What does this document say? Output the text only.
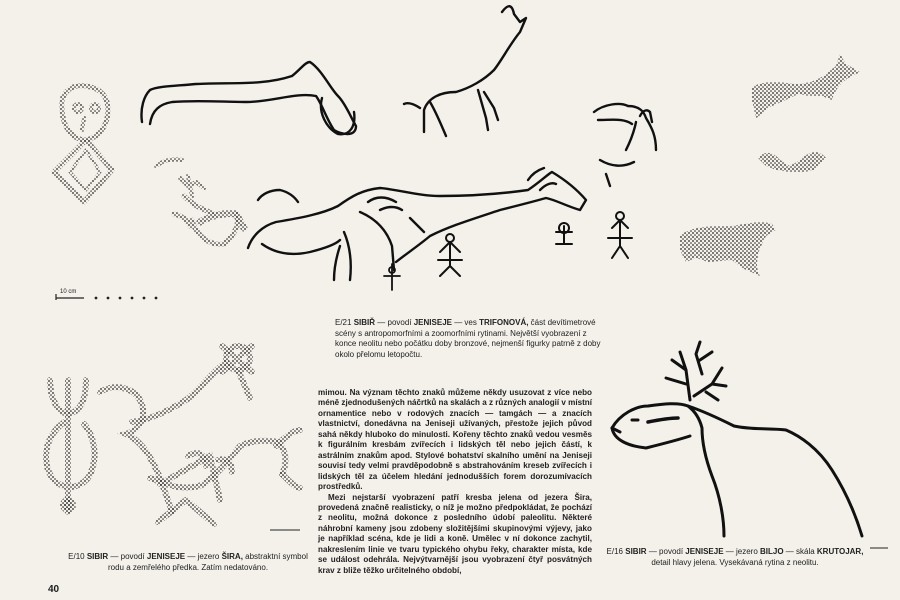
10 cm
E/21 SIBIŘ — povodí JENISEJE — ves TRIFONOVÁ, část devítimetrové scény s antropomorfními a zoomorfními rytinami. Největší vyobrazení z konce neolitu nebo počátku doby bronzové, nejmenší figurky patrně z doby okolo přelomu letopočtu.

mimou. Na význam těchto znaků můžeme někdy usuzovat z více nebo méně zjednodušených náčrtků na skalách a z různých analogií v místní ornamentice nebo v rodových znacích — tamgách — a znacích vlastnictví, donedávna na Jeniseji užívaných, přestože jejich původ sahá někdy hluboko do minulosti. Kořeny těchto znaků vedou vesměs k figurálním kresbám zvířecích i lidských těl nebo jejich částí, k astrálním znakům apod. Stylové bohatství skalního umění na Jeniseji souvisí tedy velmi pravděpodobně s abstrahováním kreseb zvířecích i lidských těl za účelem hledání jednodušších forem dorozumívacích prostředků.

Mezi nejstarší vyobrazení patří kresba jelena od jezera Šira, provedená značně realisticky, o níž je možno předpokládat, že pochází z neolitu, možná dokonce z posledního údobí paleolitu. Některé náhrobní kameny jsou zdobeny složitějšími skupinovými výjevy, jako je například scéna, kde je lidi a koně. Umělec v ní dokonce zachytil, nakreslením linie ve tvaru typického ohybu řeky, charakter místa, kde se událost odehrála. Nejvýtvarnější jsou vyobrazení čtyř posvátných krav z bliže těžko určitelného období,

E/10 SIBIR — povodí JENISEJE — jezero ŠIRA, abstraktní symbol rodu a zemřelého předka. Zatím nedatováno.
E/16 SIBIR — povodí JENISEJE — jezero BILJO — skála KRUTOJAR, detail hlavy jelena. Vysekávaná rytina z neolitu.
40
